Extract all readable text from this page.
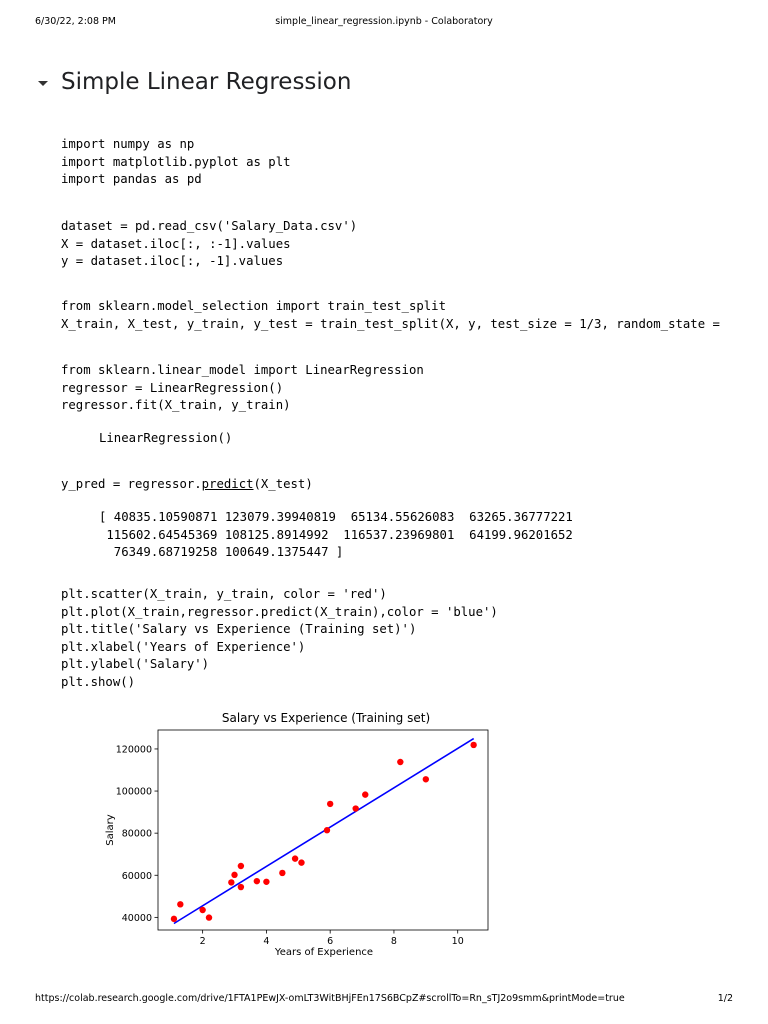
6/30/22, 2:08 PM	simple_linear_regression.ipynb - Colaboratory
Simple Linear Regression
import numpy as np
import matplotlib.pyplot as plt
import pandas as pd
dataset = pd.read_csv('Salary_Data.csv')
X = dataset.iloc[:, :-1].values
y = dataset.iloc[:, -1].values
from sklearn.model_selection import train_test_split
X_train, X_test, y_train, y_test = train_test_split(X, y, test_size = 1/3, random_state =
from sklearn.linear_model import LinearRegression
regressor = LinearRegression()
regressor.fit(X_train, y_train)
LinearRegression()
y_pred = regressor.predict(X_test)
[ 40835.10590871 123079.39940819  65134.55626083  63265.36777221
115602.64545369 108125.8914992  116537.23969801  64199.96201652
76349.68719258 100649.1375447 ]
plt.scatter(X_train, y_train, color = 'red')
plt.plot(X_train,regressor.predict(X_train),color = 'blue')
plt.title('Salary vs Experience (Training set)')
plt.xlabel('Years of Experience')
plt.ylabel('Salary')
plt.show()
Salary vs Experience (Training set)
Years of Experience
Salary
2	4	6	8	10
40000
60000
80000
100000
120000
https://colab.research.google.com/drive/1FTA1PEwJX-omLT3WitBHjFEn17S6BCpZ#scrollTo=Rn_sTJ2o9smm&printMode=true	1/2
